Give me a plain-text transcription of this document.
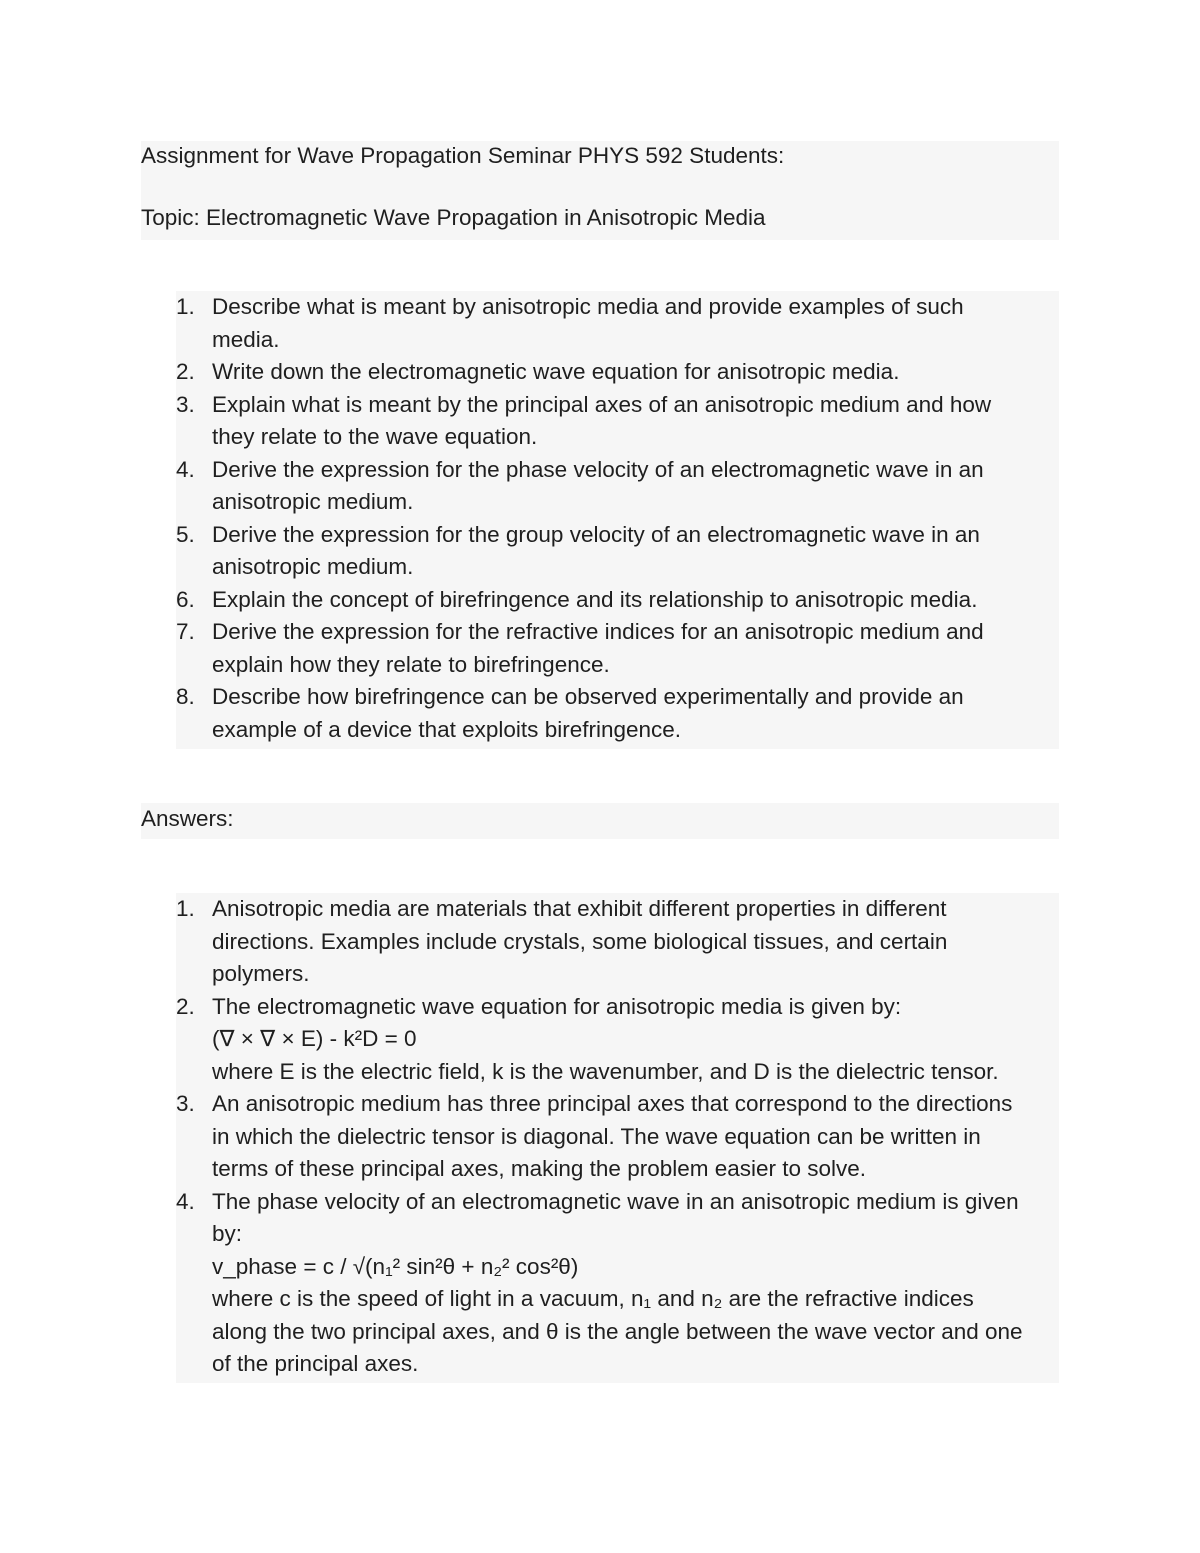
Assignment for Wave Propagation Seminar PHYS 592 Students:

Topic: Electromagnetic Wave Propagation in Anisotropic Media

1. Describe what is meant by anisotropic media and provide examples of such
media.
2. Write down the electromagnetic wave equation for anisotropic media.
3. Explain what is meant by the principal axes of an anisotropic medium and how
they relate to the wave equation.
4. Derive the expression for the phase velocity of an electromagnetic wave in an
anisotropic medium.
5. Derive the expression for the group velocity of an electromagnetic wave in an
anisotropic medium.
6. Explain the concept of birefringence and its relationship to anisotropic media.
7. Derive the expression for the refractive indices for an anisotropic medium and
explain how they relate to birefringence.
8. Describe how birefringence can be observed experimentally and provide an
example of a device that exploits birefringence.

Answers:

1. Anisotropic media are materials that exhibit different properties in different
directions. Examples include crystals, some biological tissues, and certain
polymers.
2. The electromagnetic wave equation for anisotropic media is given by:
(∇ × ∇ × E) - k²D = 0
where E is the electric field, k is the wavenumber, and D is the dielectric tensor.
3. An anisotropic medium has three principal axes that correspond to the directions
in which the dielectric tensor is diagonal. The wave equation can be written in
terms of these principal axes, making the problem easier to solve.
4. The phase velocity of an electromagnetic wave in an anisotropic medium is given
by:
v_phase = c / √(n₁² sin²θ + n₂² cos²θ)
where c is the speed of light in a vacuum, n₁ and n₂ are the refractive indices
along the two principal axes, and θ is the angle between the wave vector and one
of the principal axes.
